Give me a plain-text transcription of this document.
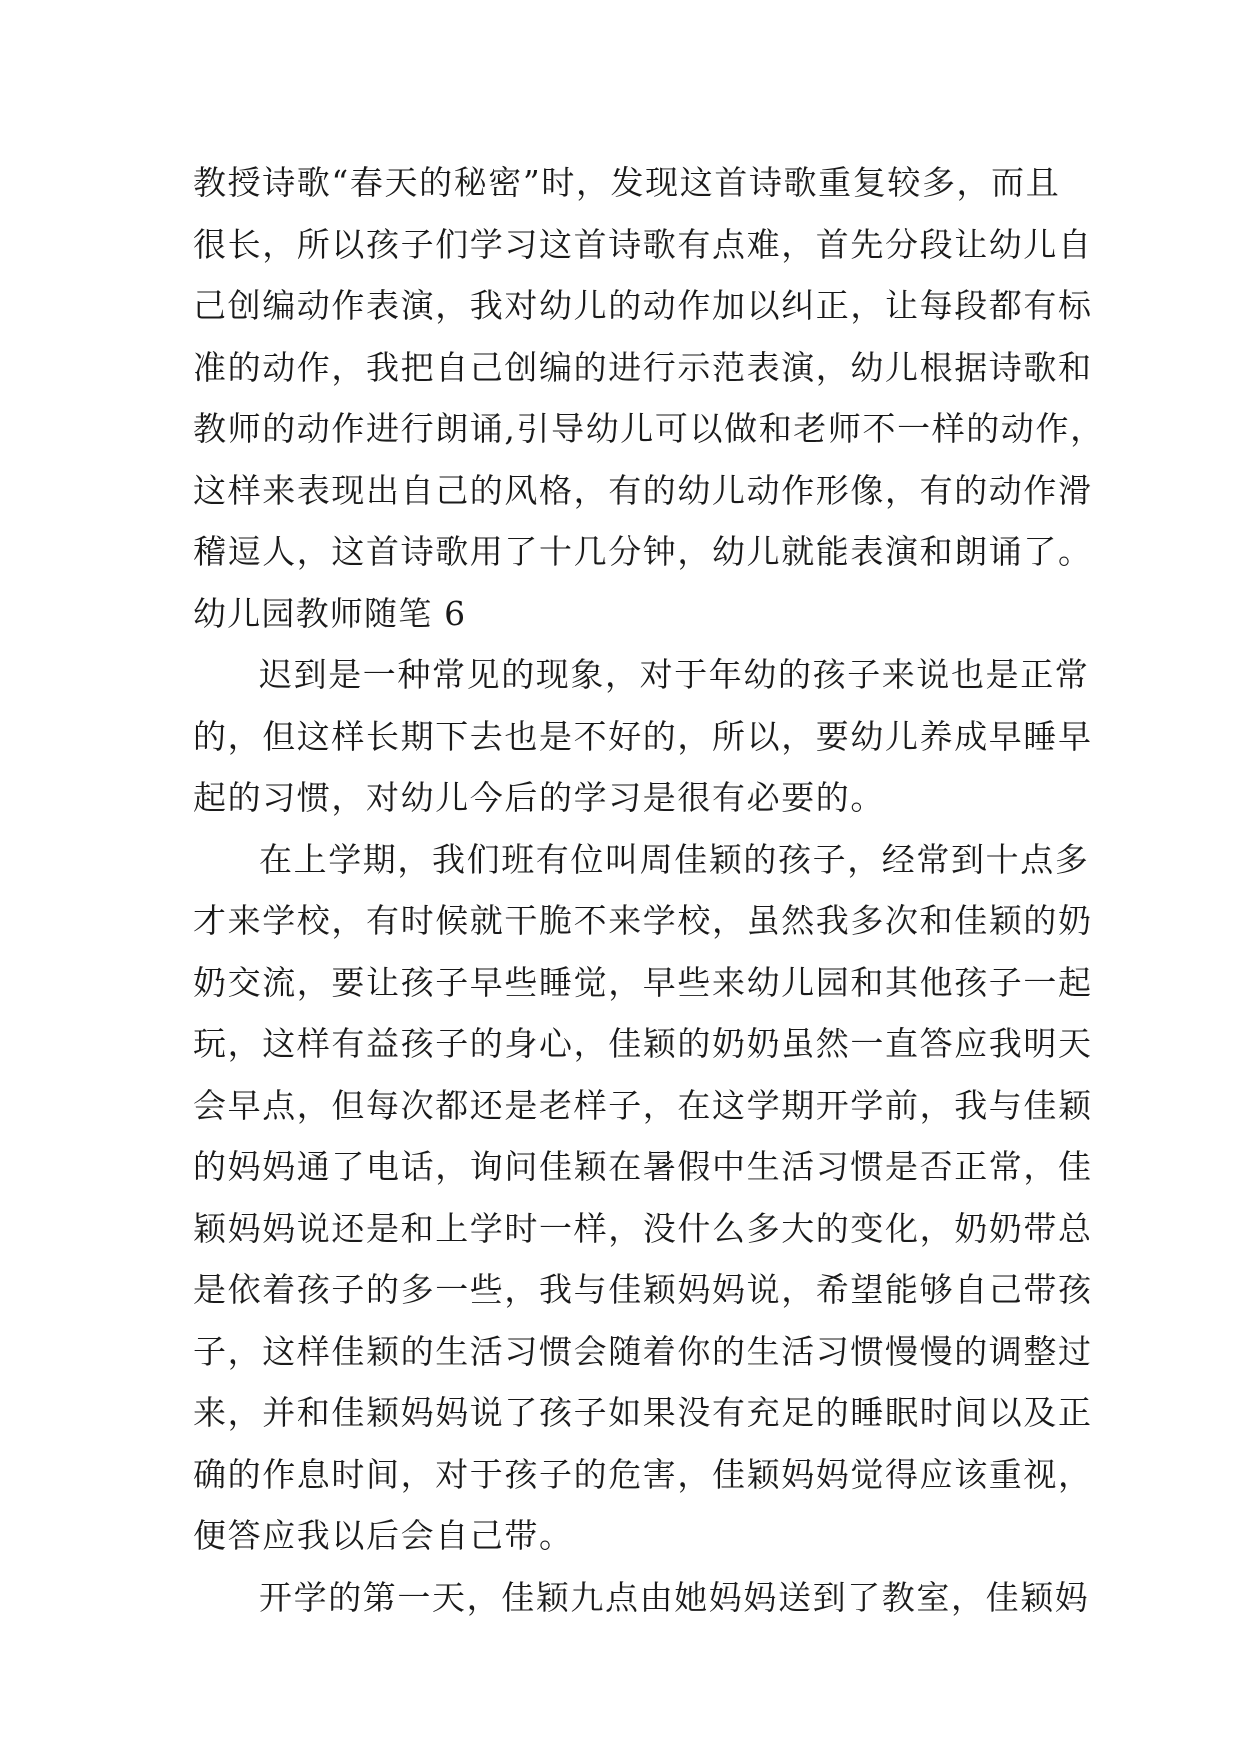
教授诗歌“春天的秘密”时，发现这首诗歌重复较多，而且
很长，所以孩子们学习这首诗歌有点难，首先分段让幼儿自
己创编动作表演，我对幼儿的动作加以纠正，让每段都有标
准的动作，我把自己创编的进行示范表演，幼儿根据诗歌和
教师的动作进行朗诵,引导幼儿可以做和老师不一样的动作，
这样来表现出自己的风格，有的幼儿动作形像，有的动作滑
稽逗人，这首诗歌用了十几分钟，幼儿就能表演和朗诵了。
幼儿园教师随笔 6
迟到是一种常见的现象，对于年幼的孩子来说也是正常
的，但这样长期下去也是不好的，所以，要幼儿养成早睡早
起的习惯，对幼儿今后的学习是很有必要的。
在上学期，我们班有位叫周佳颖的孩子，经常到十点多
才来学校，有时候就干脆不来学校，虽然我多次和佳颖的奶
奶交流，要让孩子早些睡觉，早些来幼儿园和其他孩子一起
玩，这样有益孩子的身心，佳颖的奶奶虽然一直答应我明天
会早点，但每次都还是老样子，在这学期开学前，我与佳颖
的妈妈通了电话，询问佳颖在暑假中生活习惯是否正常，佳
颖妈妈说还是和上学时一样，没什么多大的变化，奶奶带总
是依着孩子的多一些，我与佳颖妈妈说，希望能够自己带孩
子，这样佳颖的生活习惯会随着你的生活习惯慢慢的调整过
来，并和佳颖妈妈说了孩子如果没有充足的睡眠时间以及正
确的作息时间，对于孩子的危害，佳颖妈妈觉得应该重视，
便答应我以后会自己带。
开学的第一天，佳颖九点由她妈妈送到了教室，佳颖妈
